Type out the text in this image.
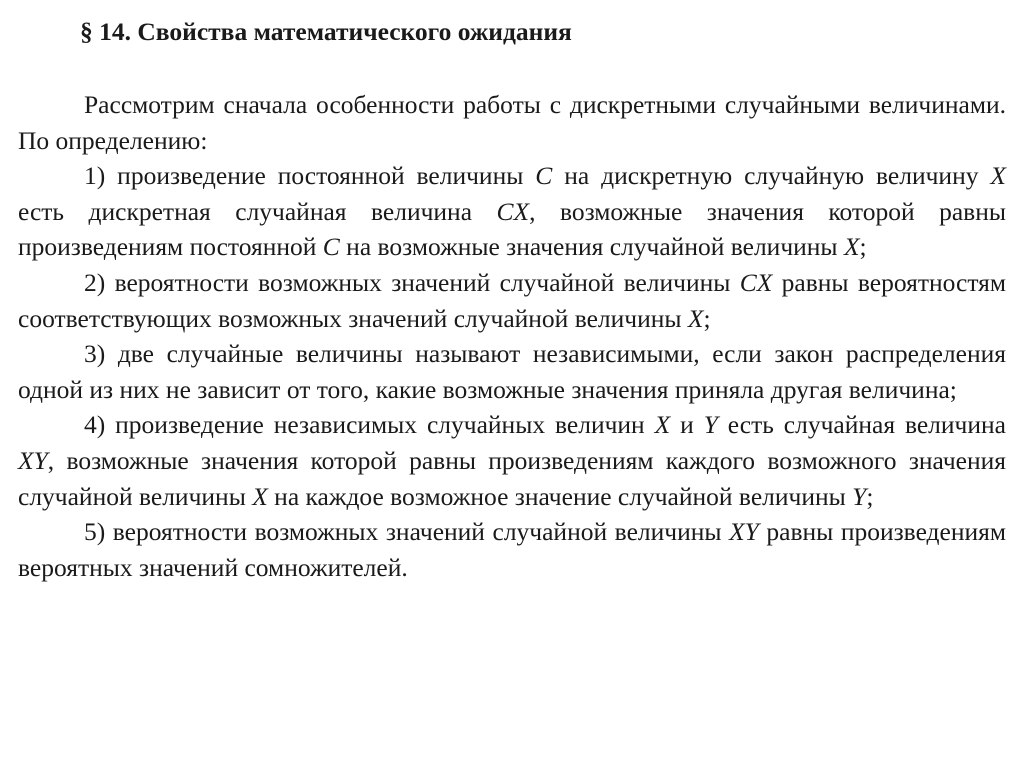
§ 14. Свойства математического ожидания

Рассмотрим сначала особенности работы с дискретными случайными величинами. По определению:

1) произведение постоянной величины C на дискретную случайную величину X есть дискретная случайная величина CX, возможные значения которой равны произведениям постоянной C на возможные значения случайной величины X;

2) вероятности возможных значений случайной величины CX равны вероятностям соответствующих возможных значений случайной величины X;

3) две случайные величины называют независимыми, если закон распределения одной из них не зависит от того, какие возможные значения приняла другая величина;

4) произведение независимых случайных величин X и Y есть случайная величина XY, возможные значения которой равны произведениям каждого возможного значения случайной величины X на каждое возможное значение случайной величины Y;

5) вероятности возможных значений случайной величины XY равны произведениям вероятных значений сомножителей.
